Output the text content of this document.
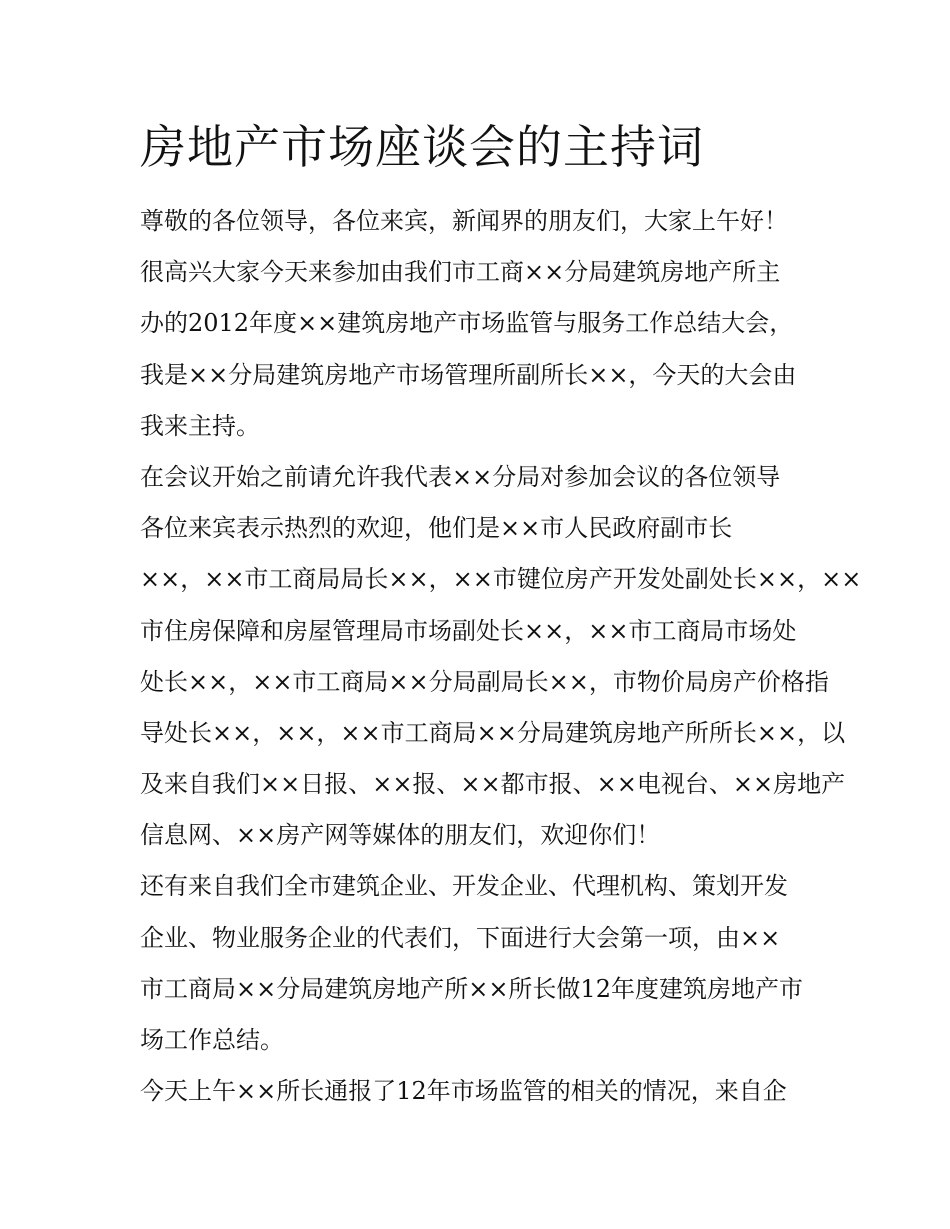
房地产市场座谈会的主持词
尊敬的各位领导，各位来宾，新闻界的朋友们，大家上午好！
很高兴大家今天来参加由我们市工商××分局建筑房地产所主
办的2012年度××建筑房地产市场监管与服务工作总结大会，
我是××分局建筑房地产市场管理所副所长××，今天的大会由
我来主持。
在会议开始之前请允许我代表××分局对参加会议的各位领导
各位来宾表示热烈的欢迎，他们是××市人民政府副市长
××，××市工商局局长××，××市键位房产开发处副处长××，××
市住房保障和房屋管理局市场副处长××，××市工商局市场处
处长××，××市工商局××分局副局长××，市物价局房产价格指
导处长××，××，××市工商局××分局建筑房地产所所长××，以
及来自我们××日报、××报、××都市报、××电视台、××房地产
信息网、××房产网等媒体的朋友们，欢迎你们！
还有来自我们全市建筑企业、开发企业、代理机构、策划开发
企业、物业服务企业的代表们，下面进行大会第一项，由××
市工商局××分局建筑房地产所××所长做12年度建筑房地产市
场工作总结。
今天上午××所长通报了12年市场监管的相关的情况，来自企
